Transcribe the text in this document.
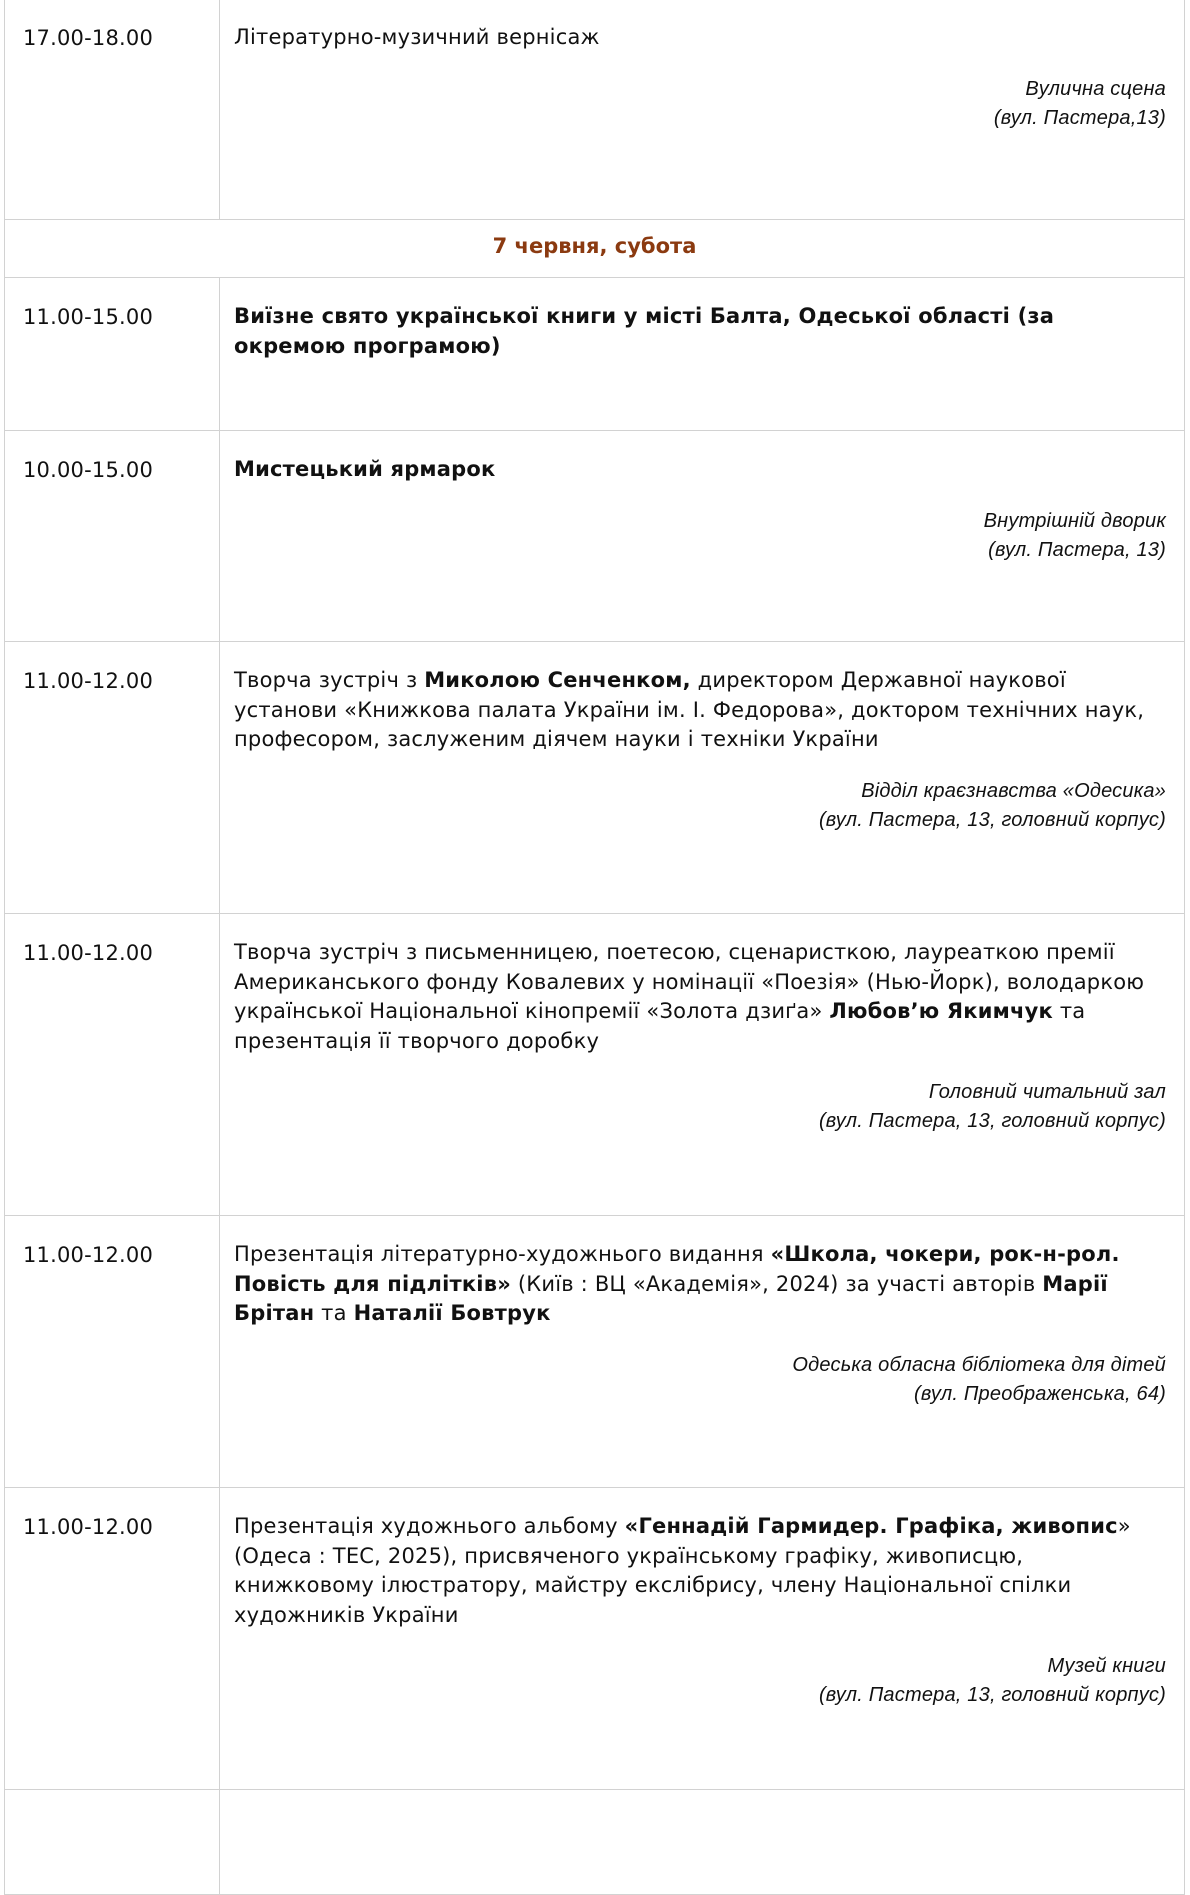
17.00-18.00	Літературно-музичний вернісаж
Вулична сцена
(вул. Пастера,13)

7 червня, субота	
11.00-15.00	Виїзне свято української книги у місті Балта, Одеської області (за окремою програмою)

10.00-15.00	Мистецький ярмарок
Внутрішній дворик
(вул. Пастера, 13)

11.00-12.00	Творча зустріч з Миколою Сенченком, директором Державної наукової установи «Книжкова палата України ім. І. Федорова», доктором технічних наук, професором, заслуженим діячем науки і техніки України
Відділ краєзнавства «Одесика»
(вул. Пастера, 13, головний корпус)

11.00-12.00	Творча зустріч з письменницею, поетесою, сценаристкою, лауреаткою премії Американського фонду Ковалевих у номінації «Поезія» (Нью-Йорк), володаркою української Національної кінопремії «Золота дзиґа» Любов’ю Якимчук та презентація її творчого доробку
Головний читальний зал
(вул. Пастера, 13, головний корпус)

11.00-12.00	Презентація літературно-художнього видання «Школа, чокери, рок-н-рол. Повість для підлітків» (Київ : ВЦ «Академія», 2024) за участі авторів Марії Брітан та Наталії Бовтрук
Одеська обласна бібліотека для дітей
(вул. Преображенська, 64)

11.00-12.00	Презентація художнього альбому «Геннадій Гармидер. Графіка, живопис» (Одеса : ТЕС, 2025), присвяченого українському графіку, живописцю, книжковому ілюстратору, майстру екслібрису, члену Національної спілки художників України
Музей книги
(вул. Пастера, 13, головний корпус)
